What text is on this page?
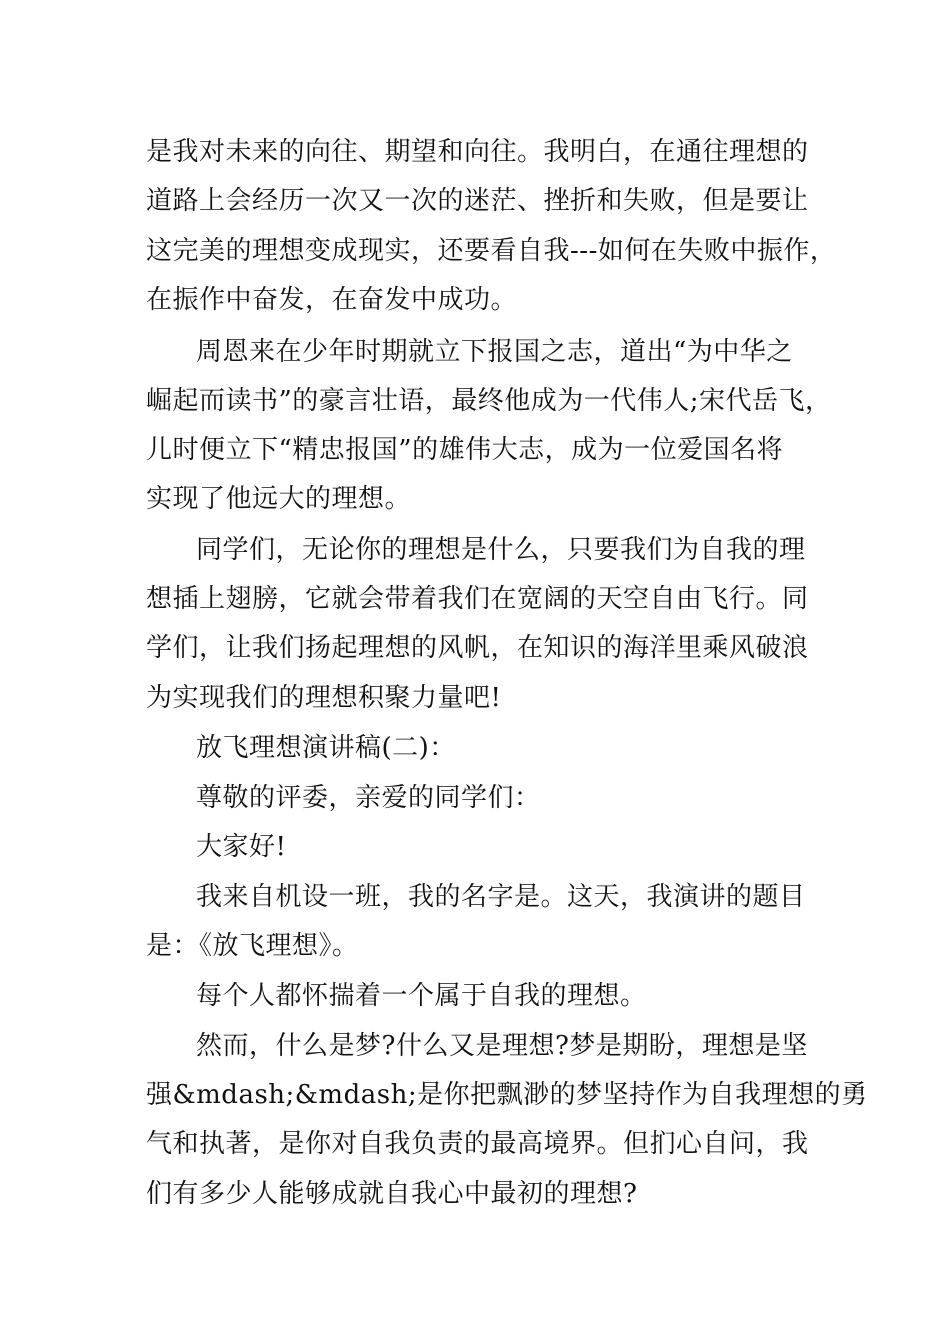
是我对未来的向往、期望和向往。我明白，在通往理想的
道路上会经历一次又一次的迷茫、挫折和失败，但是要让
这完美的理想变成现实，还要看自我---如何在失败中振作，
在振作中奋发，在奋发中成功。
周恩来在少年时期就立下报国之志，道出“为中华之
崛起而读书”的豪言壮语，最终他成为一代伟人;宋代岳飞，
儿时便立下“精忠报国”的雄伟大志，成为一位爱国名将
实现了他远大的理想。
同学们，无论你的理想是什么，只要我们为自我的理
想插上翅膀，它就会带着我们在宽阔的天空自由飞行。同
学们，让我们扬起理想的风帆，在知识的海洋里乘风破浪
为实现我们的理想积聚力量吧!
放飞理想演讲稿(二)：
尊敬的评委，亲爱的同学们：
大家好!
我来自机设一班，我的名字是。这天，我演讲的题目
是：《放飞理想》。
每个人都怀揣着一个属于自我的理想。
然而，什么是梦?什么又是理想?梦是期盼，理想是坚
强&mdash;&mdash;是你把飘渺的梦坚持作为自我理想的勇
气和执著，是你对自我负责的最高境界。但扪心自问，我
们有多少人能够成就自我心中最初的理想?
